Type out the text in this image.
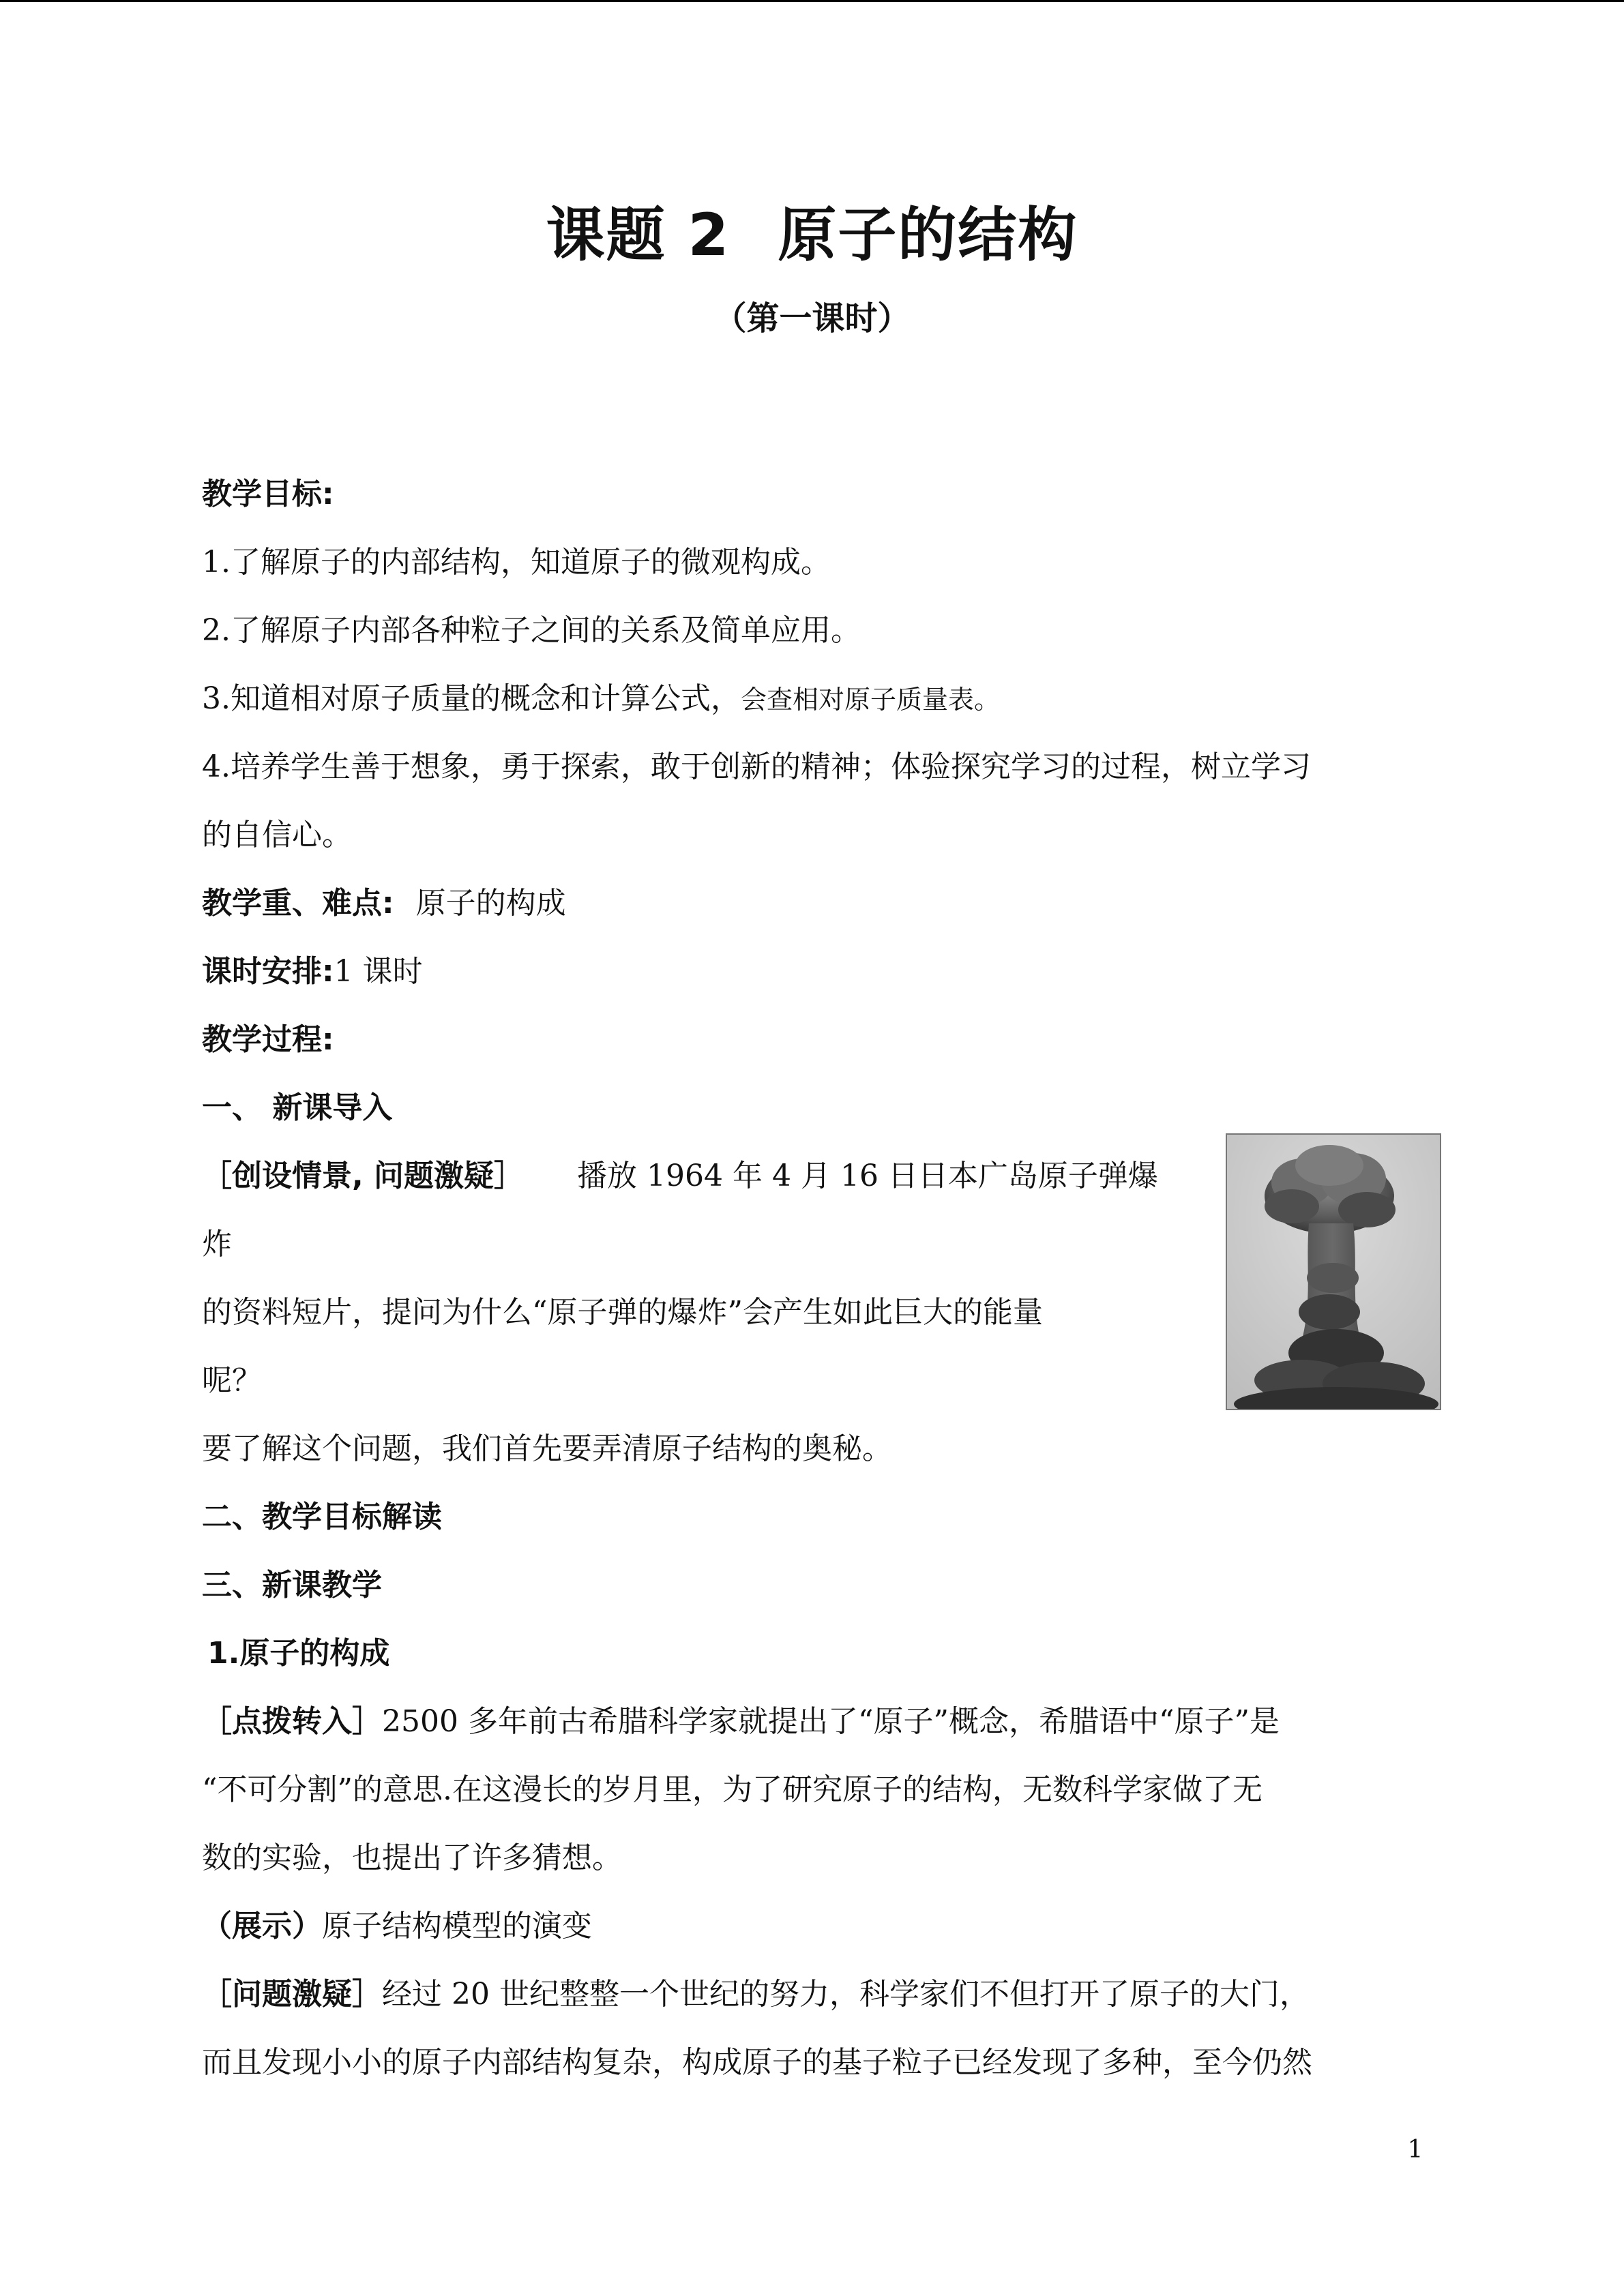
课题 2 原子的结构
（第一课时）
教学目标:
1.了解原子的内部结构，知道原子的微观构成。
2.了解原子内部各种粒子之间的关系及简单应用。
3.知道相对原子质量的概念和计算公式，会查相对原子质量表。
4.培养学生善于想象，勇于探索，敢于创新的精神；体验探究学习的过程，树立学习
的自信心。
教学重、难点: 原子的构成
课时安排:1 课时
教学过程:
一、 新课导入
［创设情景, 问题激疑］ 播放 1964 年 4 月 16 日日本广岛原子弹爆
炸
的资料短片，提问为什么“原子弹的爆炸”会产生如此巨大的能量
呢？
要了解这个问题，我们首先要弄清原子结构的奥秘。
二、教学目标解读
三、新课教学
1.原子的构成
［点拨转入］2500 多年前古希腊科学家就提出了“原子”概念，希腊语中“原子”是
“不可分割”的意思.在这漫长的岁月里，为了研究原子的结构，无数科学家做了无
数的实验，也提出了许多猜想。
（展示）原子结构模型的演变
［问题激疑］经过 20 世纪整整一个世纪的努力，科学家们不但打开了原子的大门，
而且发现小小的原子内部结构复杂，构成原子的基子粒子已经发现了多种，至今仍然
1
